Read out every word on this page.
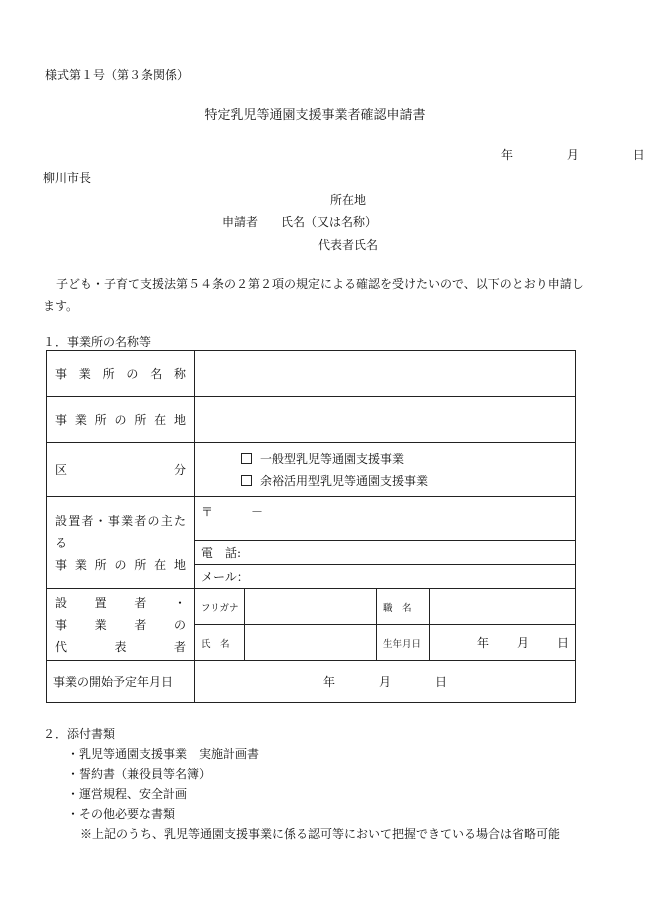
様式第１号（第３条関係）
特定乳児等通園支援事業者確認申請書
年	月	日
柳川市長
所在地
申請者 氏名（又は名称）
代表者氏名
子ども・子育て支援法第５４条の２第２項の規定による確認を受けたいので、以下のとおり申請します。
１．事業所の名称等
事業所の名称				

事業所の所在地				

区分	一般型乳児等通園支援事業
余裕活用型乳児等通園支援事業			

設置者・事業者の主たる
事業所の所在地	〒 －			
	電　話:			
	メール：			

設置者・
事業者の
代表者	フリガナ		職　名	
	氏　名		生年月日	年 月 日
事業の開始予定年月日	年 月 日			
２．添付書類
・乳児等通園支援事業　実施計画書
・誓約書（兼役員等名簿）
・運営規程、安全計画
・その他必要な書類
※上記のうち、乳児等通園支援事業に係る認可等において把握できている場合は省略可能
